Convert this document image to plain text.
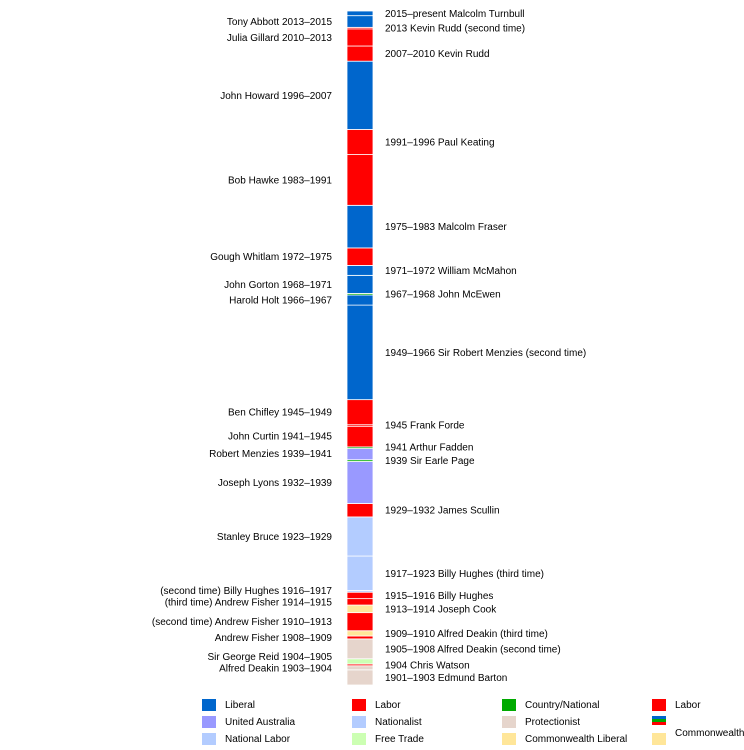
Alfred Deakin 1903–1904
Sir George Reid 1904–1905
Andrew Fisher 1908–1909
(second time) Andrew Fisher 1910–1913
(third time) Andrew Fisher 1914–1915
(second time) Billy Hughes 1916–1917
Stanley Bruce 1923–1929
Joseph Lyons 1932–1939
Robert Menzies 1939–1941
John Curtin 1941–1945
Ben Chifley 1945–1949
Harold Holt 1966–1967
John Gorton 1968–1971
Gough Whitlam 1972–1975
Bob Hawke 1983–1991
John Howard 1996–2007
Julia Gillard 2010–2013
Tony Abbott 2013–2015
1901–1903 Edmund Barton
1904 Chris Watson
1905–1908 Alfred Deakin (second time)
1909–1910 Alfred Deakin (third time)
1913–1914 Joseph Cook
1915–1916 Billy Hughes
1917–1923 Billy Hughes (third time)
1929–1932 James Scullin
1939 Sir Earle Page
1941 Arthur Fadden
1945 Frank Forde
1949–1966 Sir Robert Menzies (second time)
1967–1968 John McEwen
1971–1972 William McMahon
1975–1983 Malcolm Fraser
1991–1996 Paul Keating
2007–2010 Kevin Rudd
2013 Kevin Rudd (second time)
2015–present Malcolm Turnbull
Liberal	Labor	Country/National	Labor
United Australia	Nationalist	Protectionist
Commonwealth
National Labor	Free Trade	Commonwealth Liberal
